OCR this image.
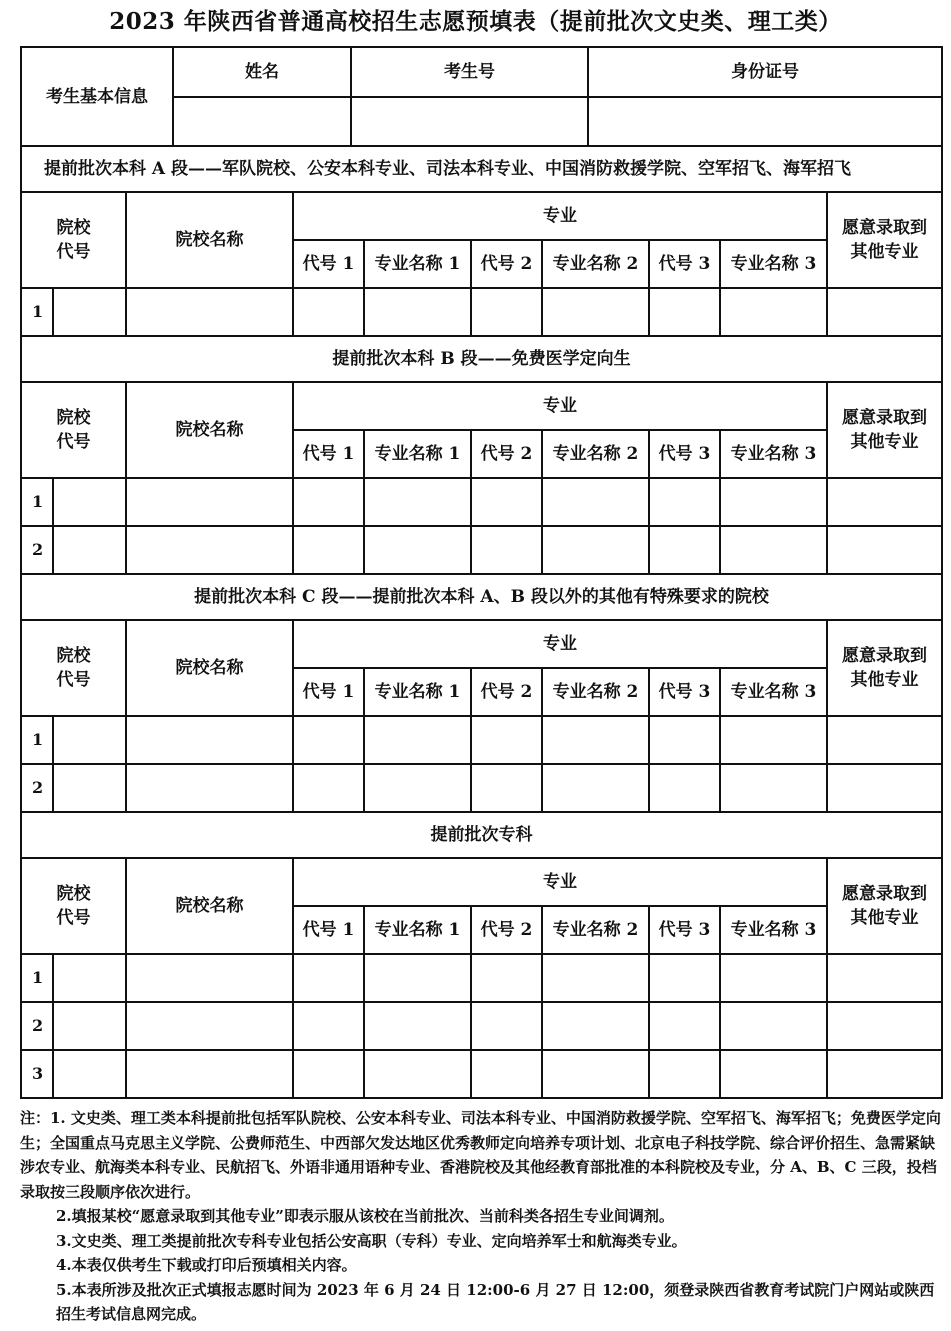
2023 年陕西省普通高校招生志愿预填表（提前批次文史类、理工类）
考生基本信息	姓名	考生号	身份证号

提前批次本科 A 段——军队院校、公安本科专业、司法本科专业、中国消防救援学院、空军招飞、海军招飞									
院校代号		院校名称	专业						愿意录取到其他专业
			代号 1	专业名称 1	代号 2	专业名称 2	代号 3	专业名称 3	
1									
提前批次本科 B 段——免费医学定向生									
院校代号		院校名称	专业						愿意录取到其他专业
			代号 1	专业名称 1	代号 2	专业名称 2	代号 3	专业名称 3	
1									
2									
提前批次本科 C 段——提前批次本科 A、B 段以外的其他有特殊要求的院校									
院校代号		院校名称	专业						愿意录取到其他专业
			代号 1	专业名称 1	代号 2	专业名称 2	代号 3	专业名称 3	
1									
2									
提前批次专科									
院校代号		院校名称	专业						愿意录取到其他专业
			代号 1	专业名称 1	代号 2	专业名称 2	代号 3	专业名称 3	
1									
2									
3									

注：1. 文史类、理工类本科提前批包括军队院校、公安本科专业、司法本科专业、中国消防救援学院、空军招飞、海军招飞；免费医学定向生；全国重点马克思主义学院、公费师范生、中西部欠发达地区优秀教师定向培养专项计划、北京电子科技学院、综合评价招生、急需紧缺涉农专业、航海类本科专业、民航招飞、外语非通用语种专业、香港院校及其他经教育部批准的本科院校及专业，分 A、B、C 三段，投档录取按三段顺序依次进行。

2.填报某校“愿意录取到其他专业”即表示服从该校在当前批次、当前科类各招生专业间调剂。

3.文史类、理工类提前批次专科专业包括公安高职（专科）专业、定向培养军士和航海类专业。

4.本表仅供考生下载或打印后预填相关内容。

5.本表所涉及批次正式填报志愿时间为 2023 年 6 月 24 日 12:00-6 月 27 日 12:00，须登录陕西省教育考试院门户网站或陕西招生考试信息网完成。
